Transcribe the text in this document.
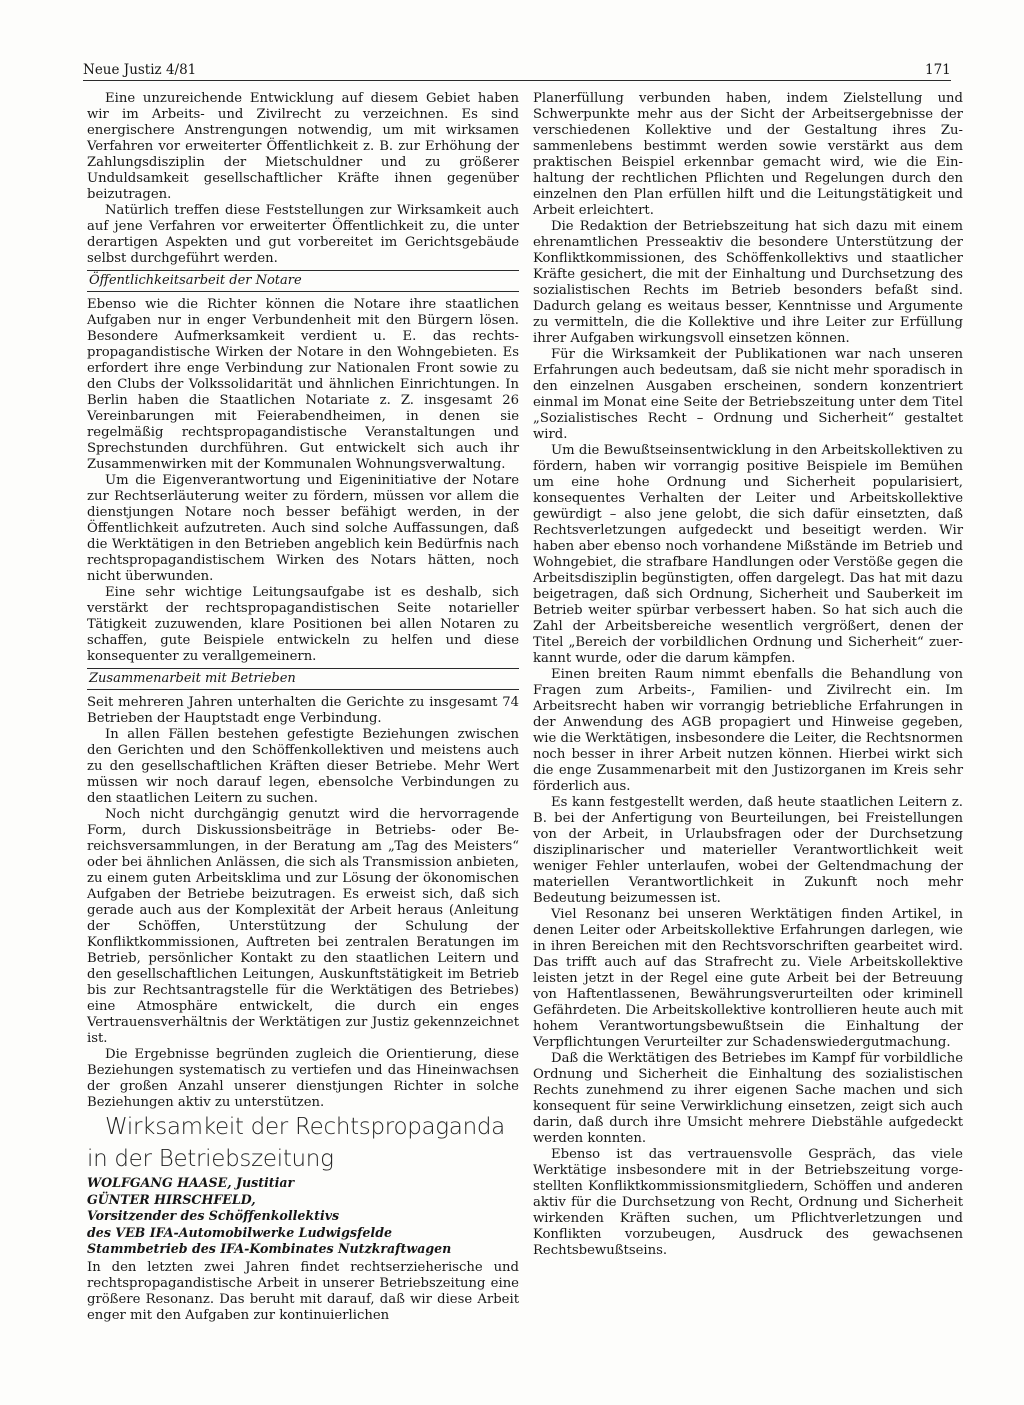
Neue Justiz 4/81	171

Eine unzureichende Entwicklung auf diesem Gebiet haben wir im Arbeits- und Zivilrecht zu verzeichnen. Es sind energischere Anstrengungen notwendig, um mit wirksamen Verfahren vor erweiterter Öffentlichkeit z. B. zur Erhöhung der Zahlungsdisziplin der Mietschuldner und zu größerer Unduldsamkeit gesellschaftlicher Kräfte ihnen gegenüber beizutragen.

Natürlich treffen diese Feststellungen zur Wirksamkeit auch auf jene Verfahren vor erweiterter Öffentlichkeit zu, die unter derartigen Aspekten und gut vorbereitet im Gerichtsgebäude selbst durchgeführt werden.

Öffentlichkeitsarbeit der Notare

Ebenso wie die Richter können die Notare ihre staatlichen Aufgaben nur in enger Verbundenheit mit den Bürgern lösen. Besondere Aufmerksamkeit verdient u. E. das rechtspropagandistische Wirken der Notare in den Wohngebieten. Es erfordert ihre enge Verbindung zur Nationalen Front sowie zu den Clubs der Volkssolidarität und ähnlichen Einrichtungen. In Berlin haben die Staatlichen Notariate z. Z. insgesamt 26 Vereinbarungen mit Feierabendheimen, in denen sie regelmäßig rechtspropagandistische Veranstaltungen und Sprechstunden durchführen. Gut entwickelt sich auch ihr Zusammenwirken mit der Kommunalen Wohnungsverwaltung.

Um die Eigenverantwortung und Eigeninitiative der Notare zur Rechtserläuterung weiter zu fördern, müssen vor allem die dienstjungen Notare noch besser befähigt werden, in der Öffentlichkeit aufzutreten. Auch sind solche Auffassungen, daß die Werktätigen in den Betrieben angeblich kein Bedürfnis nach rechtspropagandistischem Wirken des Notars hätten, noch nicht überwunden.

Eine sehr wichtige Leitungsaufgabe ist es deshalb, sich verstärkt der rechtspropagandistischen Seite notarieller Tätigkeit zuzuwenden, klare Positionen bei allen Notaren zu schaffen, gute Beispiele entwickeln zu helfen und diese konsequenter zu verallgemeinern.

Zusammenarbeit mit Betrieben

Seit mehreren Jahren unterhalten die Gerichte zu insgesamt 74 Betrieben der Hauptstadt enge Verbindung.

In allen Fällen bestehen gefestigte Beziehungen zwischen den Gerichten und den Schöffenkollektiven und meistens auch zu den gesellschaftlichen Kräften dieser Betriebe. Mehr Wert müssen wir noch darauf legen, ebensolche Verbindungen zu den staatlichen Leitern zu suchen.

Noch nicht durchgängig genutzt wird die hervorragende Form, durch Diskussionsbeiträge in Betriebs- oder Bereichsversammlungen, in der Beratung am „Tag des Meisters“ oder bei ähnlichen Anlässen, die sich als Transmission anbieten, zu einem guten Arbeitsklima und zur Lösung der ökonomischen Aufgaben der Betriebe beizutragen. Es erweist sich, daß sich gerade auch aus der Komplexität der Arbeit heraus (Anleitung der Schöffen, Unterstützung der Schulung der Konfliktkommissionen, Auftreten bei zentralen Beratungen im Betrieb, persönlicher Kontakt zu den staatlichen Leitern und den gesellschaftlichen Leitungen, Auskunftstätigkeit im Betrieb bis zur Rechtsantragstelle für die Werktätigen des Betriebes) eine Atmosphäre entwickelt, die durch ein enges Vertrauensverhältnis der Werktätigen zur Justiz gekennzeichnet ist.

Die Ergebnisse begründen zugleich die Orientierung, diese Beziehungen systematisch zu vertiefen und das Hineinwachsen der großen Anzahl unserer dienstjungen Richter in solche Beziehungen aktiv zu unterstützen.

Wirksamkeit der Rechtspropaganda in der Betriebszeitung

WOLFGANG HAASE, Justitiar

GÜNTER HIRSCHFELD,

Vorsitzender des Schöffenkollektivs

des VEB IFA-Automobilwerke Ludwigsfelde

Stammbetrieb des IFA-Kombinates Nutzkraftwagen

In den letzten zwei Jahren findet rechtserzieherische und rechtspropagandistische Arbeit in unserer Betriebszeitung eine größere Resonanz. Das beruht mit darauf, daß wir diese Arbeit enger mit den Aufgaben zur kontinuierlichen

Planerfüllung verbunden haben, indem Zielstellung und Schwerpunkte mehr aus der Sicht der Arbeitsergebnisse der verschiedenen Kollektive und der Gestaltung ihres Zusammenlebens bestimmt werden sowie verstärkt aus dem praktischen Beispiel erkennbar gemacht wird, wie die Einhaltung der rechtlichen Pflichten und Regelungen durch den einzelnen den Plan erfüllen hilft und die Leitungstätigkeit und Arbeit erleichtert.

Die Redaktion der Betriebszeitung hat sich dazu mit einem ehrenamtlichen Presseaktiv die besondere Unterstützung der Konfliktkommissionen, des Schöffenkollektivs und staatlicher Kräfte gesichert, die mit der Einhaltung und Durchsetzung des sozialistischen Rechts im Betrieb besonders befaßt sind. Dadurch gelang es weitaus besser, Kenntnisse und Argumente zu vermitteln, die die Kollektive und ihre Leiter zur Erfüllung ihrer Aufgaben wirkungsvoll einsetzen können.

Für die Wirksamkeit der Publikationen war nach unseren Erfahrungen auch bedeutsam, daß sie nicht mehr sporadisch in den einzelnen Ausgaben erscheinen, sondern konzentriert einmal im Monat eine Seite der Betriebszeitung unter dem Titel „Sozialistisches Recht – Ordnung und Sicherheit“ gestaltet wird.

Um die Bewußtseinsentwicklung in den Arbeitskollektiven zu fördern, haben wir vorrangig positive Beispiele im Bemühen um eine hohe Ordnung und Sicherheit popularisiert, konsequentes Verhalten der Leiter und Arbeitskollektive gewürdigt – also jene gelobt, die sich dafür einsetzten, daß Rechtsverletzungen aufgedeckt und beseitigt werden. Wir haben aber ebenso noch vorhandene Mißstände im Betrieb und Wohngebiet, die strafbare Handlungen oder Verstöße gegen die Arbeitsdisziplin begünstigten, offen dargelegt. Das hat mit dazu beigetragen, daß sich Ordnung, Sicherheit und Sauberkeit im Betrieb weiter spürbar verbessert haben. So hat sich auch die Zahl der Arbeitsbereiche wesentlich vergrößert, denen der Titel „Bereich der vorbildlichen Ordnung und Sicherheit“ zuerkannt wurde, oder die darum kämpfen.

Einen breiten Raum nimmt ebenfalls die Behandlung von Fragen zum Arbeits-, Familien- und Zivilrecht ein. Im Arbeitsrecht haben wir vorrangig betriebliche Erfahrungen in der Anwendung des AGB propagiert und Hinweise gegeben, wie die Werktätigen, insbesondere die Leiter, die Rechtsnormen noch besser in ihrer Arbeit nutzen können. Hierbei wirkt sich die enge Zusammenarbeit mit den Justizorganen im Kreis sehr förderlich aus.

Es kann festgestellt werden, daß heute staatlichen Leitern z. B. bei der Anfertigung von Beurteilungen, bei Freistellungen von der Arbeit, in Urlaubsfragen oder der Durchsetzung disziplinarischer und materieller Verantwortlichkeit weit weniger Fehler unterlaufen, wobei der Geltendmachung der materiellen Verantwortlichkeit in Zukunft noch mehr Bedeutung beizumessen ist.

Viel Resonanz bei unseren Werktätigen finden Artikel, in denen Leiter oder Arbeitskollektive Erfahrungen darlegen, wie in ihren Bereichen mit den Rechtsvorschriften gearbeitet wird. Das trifft auch auf das Strafrecht zu. Viele Arbeitskollektive leisten jetzt in der Regel eine gute Arbeit bei der Betreuung von Haftentlassenen, Bewährungsverurteilten oder kriminell Gefährdeten. Die Arbeitskollektive kontrollieren heute auch mit hohem Verantwortungsbewußtsein die Einhaltung der Verpflichtungen Verurteilter zur Schadenswiedergutmachung.

Daß die Werktätigen des Betriebes im Kampf für vorbildliche Ordnung und Sicherheit die Einhaltung des sozialistischen Rechts zunehmend zu ihrer eigenen Sache machen und sich konsequent für seine Verwirklichung einsetzen, zeigt sich auch darin, daß durch ihre Umsicht mehrere Diebstähle aufgedeckt werden konnten.

Ebenso ist das vertrauensvolle Gespräch, das viele Werktätige insbesondere mit in der Betriebszeitung vorgestellten Konfliktkommissionsmitgliedern, Schöffen und anderen aktiv für die Durchsetzung von Recht, Ordnung und Sicherheit wirkenden Kräften suchen, um Pflichtverletzungen und Konflikten vorzubeugen, Ausdruck des gewachsenen Rechtsbewußtseins.
